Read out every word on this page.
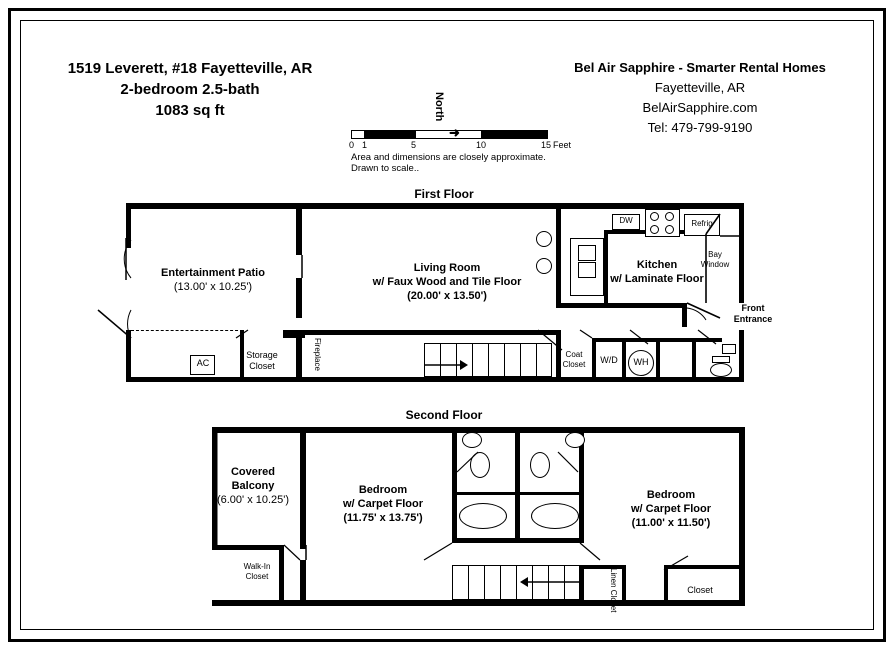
1519 Leverett, #18 Fayetteville, AR
2-bedroom 2.5-bath
1083 sq ft
Bel Air Sapphire - Smarter Rental Homes
Fayetteville, AR
BelAirSapphire.com
Tel: 479-799-9190
North
➜
0 1	5	10	15 Feet
Area and dimensions are closely approximate.
Drawn to scale..
First Floor
Entertainment Patio
(13.00' x 10.25')
AC
Storage
Closet	Fireplace
Living Room
w/ Faux Wood and Tile Floor
(20.00' x 13.50')
DW	Refrig
Kitchen
w/ Laminate Floor
Bay
Window
Front
Entrance
Coat
Closet W/D WH
Second Floor
Covered
Balcony
(6.00' x 10.25')
Walk-In
Closet
Bedroom
w/ Carpet Floor
(11.75' x 13.75')
Bedroom
w/ Carpet Floor
(11.00' x 11.50')
Linen Closet	Closet
